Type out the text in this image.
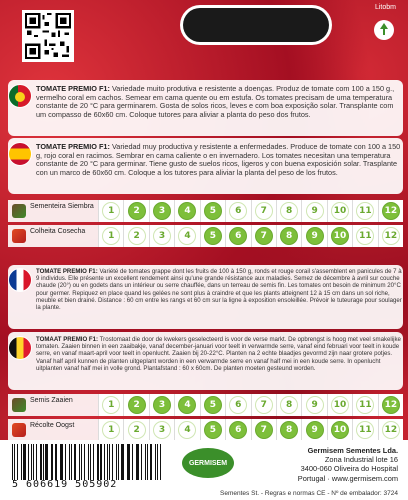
Litobm
TOMATE PREMIO F1: Variedade muito produtiva e resistente a doenças. Produz de tomate com 100 a 150 g., vermelho coral em cachos. Semear em cama quente ou em estufa. Os tomates precisam de uma temperatura constante de 20 °C para germinarem. Gosta de solos ricos, leves e com boa exposição solar. Transplante com um compasso de 60x60 cm. Coloque tutores para aliviar a planta do peso dos frutos.
TOMATE PREMIO F1: Variedad muy productiva y resistente a enfermedades. Produce de tomate con 100 a 150 g, rojo coral en racimos. Sembrar en cama caliente o en invernadero. Los tomates necesitan una temperatura constante de 20 °C para germinar. Tiene gusto de suelos ricos, ligeros y con buena exposición solar. Trasplante con un marco de 60x60 cm. Coloque a los tutores para aliviar la planta del peso de los frutos.
Sementeira Siembra	1	2	3	4	5	6	7	8	9	10	11	12
Colheita Cosecha	1	2	3	4	5	6	7	8	9	10	11	12
TOMATE PREMIO F1: Variété de tomates grappe dont les fruits de 100 à 150 g, ronds et rouge corail s'assemblent en panicules de 7 à 9 individus. Elle présente un excellent rendement ainsi qu'une grande résistance aux maladies. Semez de décembre à avril sur couche chaude (20°) ou en godets dans un intérieur ou serre chauffée, dans un terreau de semis fin. Les tomates ont besoin de minimum 20°C pour germer. Repiquez en place quand les gelées ne sont plus à craindre et que les plants atteignent 12 à 15 cm dans un sol riche, meuble et bien drainé. Distance : 60 cm entre les rangs et 60 cm sur la ligne à exposition ensoleillée. Prévoir le tuteurage pour soulager la plante.
TOMAAT PREMIO F1: Trostomaat die door de kwekers geselecteerd is voor de verse markt. De opbrengst is hoog met veel smakelijke tomaten. Zaaien binnen in een zaaibakje, vanaf december-januari voor teelt in verwarmde serre, vanaf eind februari voor teelt in koude serre, en vanaf maart-april voor teelt in openlucht. Zaaien bij 20-22°C. Planten na 2 echte blaadjes gevormd zijn naar grotere potjes. Vanaf half april kunnen de planten uitgeplant worden in een verwarmde serre en vanaf half mei in een koude serre. In openlucht uitplanten vanaf half mei in volle grond. Plantafstand : 60 x 60cm. De planten moeten gesteund worden.
Semis Zaaien	1	2	3	4	5	6	7	8	9	10	11	12
Récolte Oogst	1	2	3	4	5	6	7	8	9	10	11	12
5 606619 505902
GERMISEM
Germisem Sementes Lda.
Zona Industrial lote 16
3400-060 Oliveira do Hospital
Portugal · www.germisem.com
Sementes St. - Regras e normas CE - Nº de embalador: 3724
